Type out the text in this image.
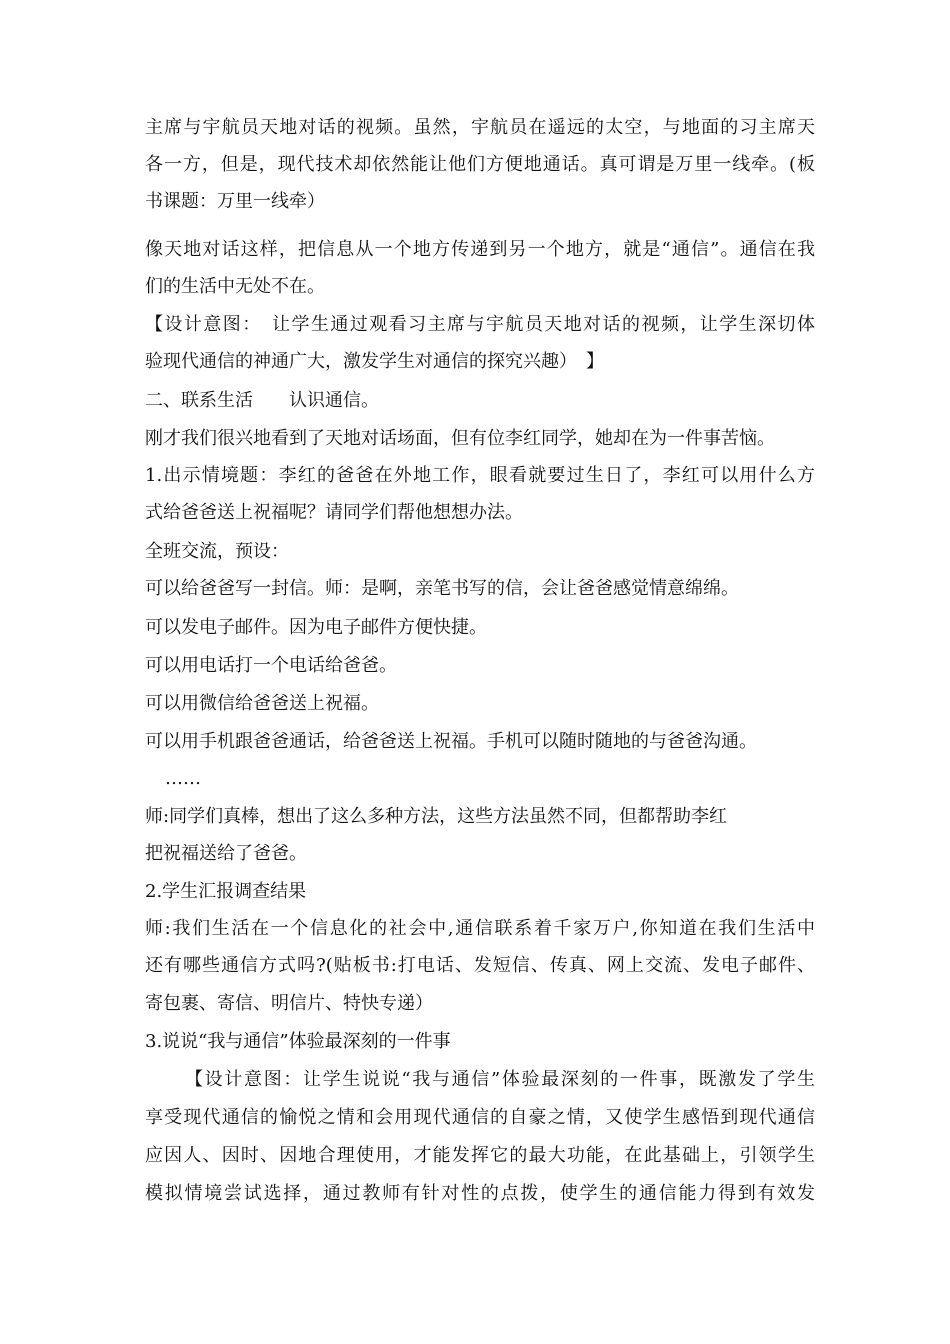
主席与宇航员天地对话的视频。虽然，宇航员在遥远的太空，与地面的习主席天
各一方，但是，现代技术却依然能让他们方便地通话。真可谓是万里一线牵。(板
书课题：万里一线牵）
像天地对话这样，把信息从一个地方传递到另一个地方，就是“通信”。通信在我
们的生活中无处不在。
【设计意图：　让学生通过观看习主席与宇航员天地对话的视频，让学生深切体
验现代通信的神通广大，激发学生对通信的探究兴趣）　】
二、联系生活　　认识通信。
刚才我们很兴地看到了天地对话场面，但有位李红同学，她却在为一件事苦恼。
1.出示情境题：李红的爸爸在外地工作，眼看就要过生日了，李红可以用什么方
式给爸爸送上祝福呢？请同学们帮他想想办法。
全班交流，预设：
可以给爸爸写一封信。师：是啊，亲笔书写的信，会让爸爸感觉情意绵绵。
可以发电子邮件。因为电子邮件方便快捷。
可以用电话打一个电话给爸爸。
可以用微信给爸爸送上祝福。
可以用手机跟爸爸通话，给爸爸送上祝福。手机可以随时随地的与爸爸沟通。
……
师:同学们真棒，想出了这么多种方法，这些方法虽然不同，但都帮助李红
把祝福送给了爸爸。
2.学生汇报调查结果
师:我们生活在一个信息化的社会中,通信联系着千家万户,你知道在我们生活中
还有哪些通信方式吗?(贴板书:打电话、发短信、传真、网上交流、发电子邮件、
寄包裹、寄信、明信片、特快专递）
3.说说“我与通信”体验最深刻的一件事
【设计意图：让学生说说“我与通信”体验最深刻的一件事，既激发了学生
享受现代通信的愉悦之情和会用现代通信的自豪之情，又使学生感悟到现代通信
应因人、因时、因地合理使用，才能发挥它的最大功能，在此基础上，引领学生
模拟情境尝试选择，通过教师有针对性的点拨，使学生的通信能力得到有效发
